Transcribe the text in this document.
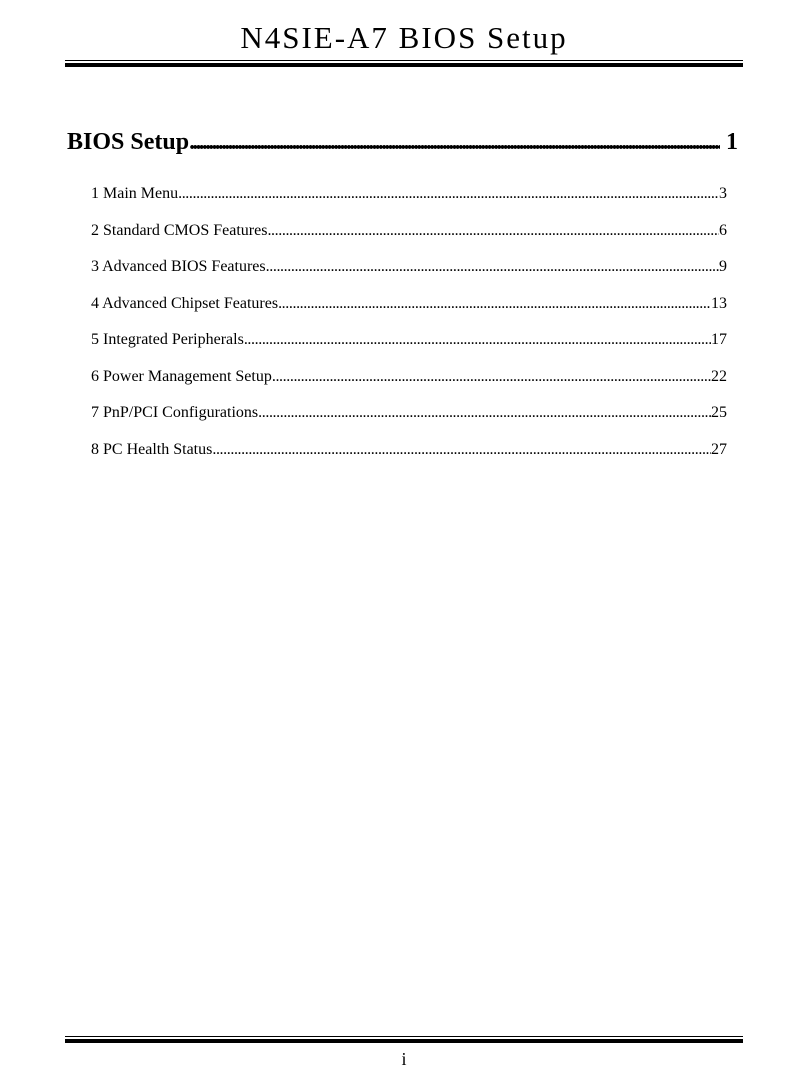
N4SIE-A7 BIOS Setup
BIOS Setup . . .	1
1 Main Menu . . .	3
2 Standard CMOS Features . . .	6
3 Advanced BIOS Features . . .	9
4 Advanced Chipset Features . . .	13
5 Integrated Peripherals . . .	17
6 Power Management Setup . . .	22
7 PnP/PCI Configurations . . .	25
8 PC Health Status . . .	27
i
